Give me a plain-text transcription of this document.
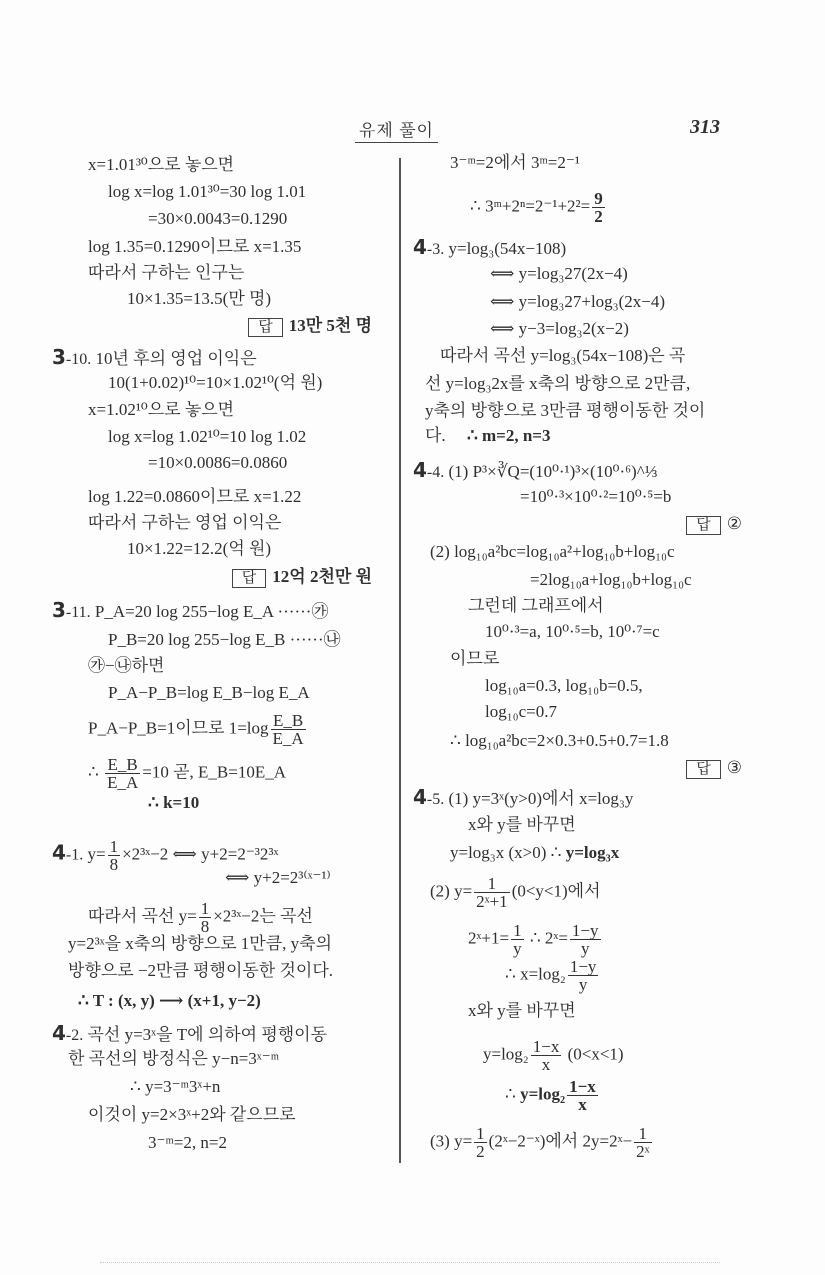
유제 풀이	313
x=1.01³⁰으로 놓으면
log x=log 1.01³⁰=30 log 1.01
=30×0.0043=0.1290
log 1.35=0.1290이므로 x=1.35
따라서 구하는 인구는
10×1.35=13.5(만 명)
답 13만 5천 명
3-10. 10년 후의 영업 이익은
10(1+0.02)¹⁰=10×1.02¹⁰(억 원)
x=1.02¹⁰으로 놓으면
log x=log 1.02¹⁰=10 log 1.02
=10×0.0086=0.0860
log 1.22=0.0860이므로 x=1.22
따라서 구하는 영업 이익은
10×1.22=12.2(억 원)
답 12억 2천만 원
3-11. P_A=20 log 255−log E_A ······㉮
P_B=20 log 255−log E_B ······㉯
㉮−㉯하면
P_A−P_B=log E_B−log E_A
P_A−P_B=1이므로 $1=\log \frac{E\_B}{E\_A}$
∴ $\frac{E\_B}{E\_A} =10$ 곧, E_B=10E_A
∴ k=10
4-1. $y= \frac{1}{8}$ ×2³ˣ−2 ⟺ y+2=2⁻³2³ˣ
⟺ y+2=2³⁽ˣ⁻¹⁾
따라서 곡선 $y= \frac{1}{8}$ ×2³ˣ−2는 곡선
y=2³ˣ을 x축의 방향으로 1만큼, y축의
방향으로 −2만큼 평행이동한 것이다.
∴ T : (x, y) ⟶ (x+1, y−2)
4-2. 곡선 y=3ˣ을 T에 의하여 평행이동
한 곡선의 방정식은 y−n=3ˣ⁻ᵐ
∴ y=3⁻ᵐ3ˣ+n
이것이 y=2×3ˣ+2와 같으므로
3⁻ᵐ=2, n=2
3⁻ᵐ=2에서 3ᵐ=2⁻¹
∴ 3ᵐ+2ⁿ=2⁻¹+2²= $\frac{9}{2}$
4-3. y=log₃(54x−108)
⟺ y=log₃27(2x−4)
⟺ y=log₃27+log₃(2x−4)
⟺ y−3=log₃2(x−2)
따라서 곡선 y=log₃(54x−108)은 곡
선 y=log₃2x를 x축의 방향으로 2만큼,
y축의 방향으로 3만큼 평행이동한 것이
다. ∴ m=2, n=3
4-4. (1) P³×∛Q=(10⁰·¹)³×(10⁰·⁶)^⅓
=10⁰·³×10⁰·²=10⁰·⁵=b
답 ②
(2) log₁₀a²bc=log₁₀a²+log₁₀b+log₁₀c
=2log₁₀a+log₁₀b+log₁₀c
그런데 그래프에서
10⁰·³=a, 10⁰·⁵=b, 10⁰·⁷=c
이므로
log₁₀a=0.3, log₁₀b=0.5,
log₁₀c=0.7
∴ log₁₀a²bc=2×0.3+0.5+0.7=1.8
답 ③
4-5. (1) y=3ˣ(y>0)에서 x=log₃y
x와 y를 바꾸면
y=log₃x (x>0) ∴ y=log₃x
(2) $y= \frac{1}{\text{2ˣ+1}} (0<y<1)$에서
2ˣ+1= $\frac{1}{y}$ ∴ 2ˣ= $\frac{1-y}{y}$
∴ $x=\log_2 \frac{1-y}{y}$
x와 y를 바꾸면
$y=\log_2 \frac{1-x}{x} (0<x<1)$
∴ $y=\log_2 \frac{1-x}{x}$
(3) $y= \frac{1}{2}$ (2ˣ−2⁻ˣ)에서 2y=2ˣ− $\frac{1}{\text{2ˣ}}$
